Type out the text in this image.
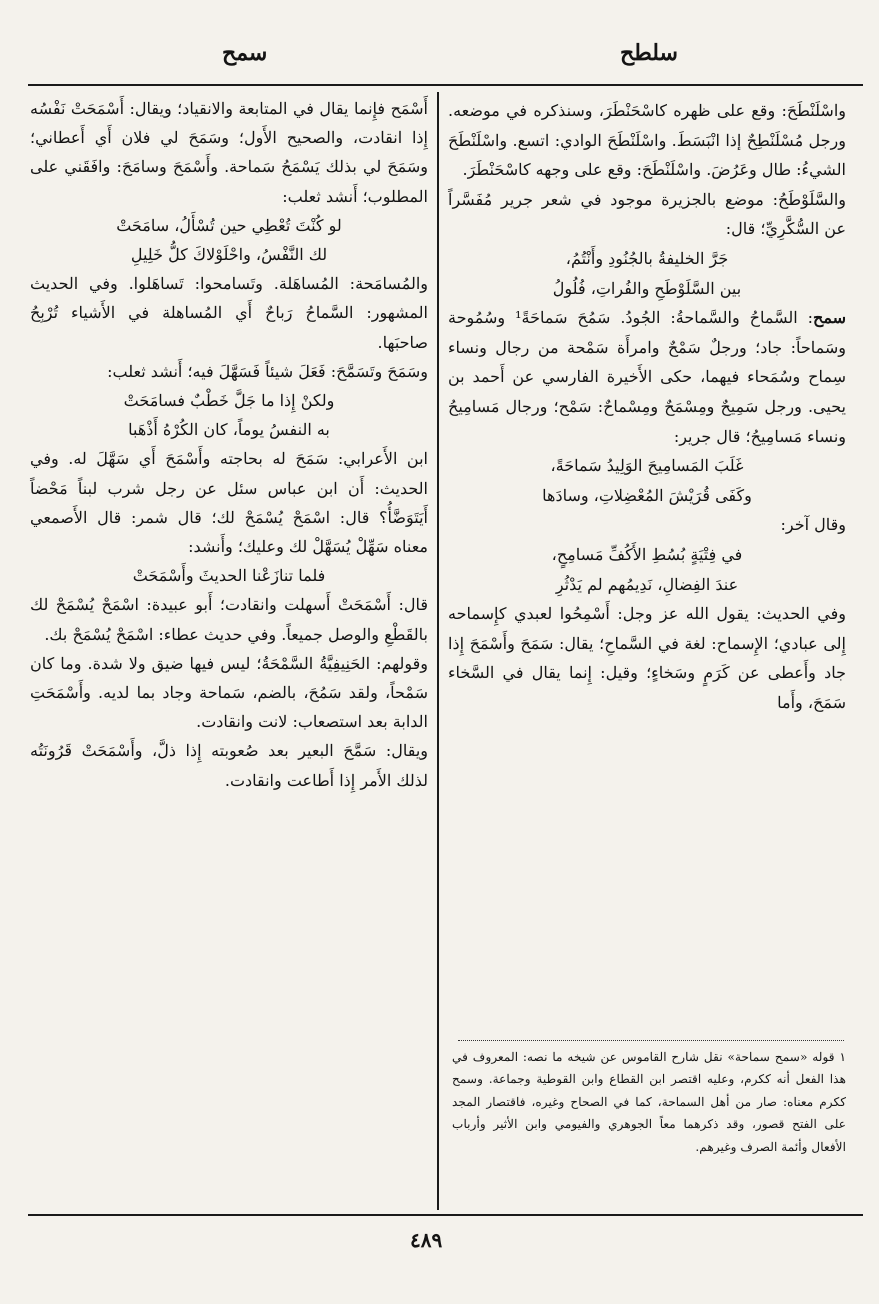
سلطح
سمح

واسْلَنْطَحَ: وقع على ظهره كاسْحَنْطَرَ، وسنذكره في موضعه. ورجل مُسْلَنْطِحٌ إذا انْبَسَطَ. واسْلَنْطَحَ الوادي: اتسع. واسْلَنْطَحَ الشيءُ: طال وعَرُضَ. واسْلَنْطَحَ: وقع على وجهه كاسْحَنْطَرَ.

والسَّلَوْطَحُ: موضع بالجزيرة موجود في شعر جرير مُفَسَّراً عن السُّكَّرِيِّ؛ قال:

جَرَّ الخليفةُ بالجُنُودِ وأَنْتُمُ،

بين السَّلَوْطَحِ والفُراتِ، فُلُولُ

سمح: السَّماحُ والسَّماحةُ: الجُودُ. سَمُحَ سَماحَةً¹ وسُمُوحة وسَماحاً: جاد؛ ورجلٌ سَمْحٌ وامرأَة سَمْحة من رجال ونساء سِماح وسُمَحاء فيهما، حكى الأَخيرة الفارسي عن أَحمد بن يحيى. ورجل سَمِيحٌ ومِسْمَحٌ ومِسْماحٌ: سَمْح؛ ورجال مَسامِيحُ ونساء مَسامِيحُ؛ قال جرير:

غَلَبَ المَسامِيحَ الوَلِيدُ سَماحَةً،

وكَفَى قُرَيْشَ المُعْضِلاتِ، وسادَها

وقال آخر:

في فِتْيَةٍ بُسُطِ الأَكُفِّ مَسامِحٍ،

عندَ الفِضالِ، نَدِيمُهم لم يَدْثُرِ

وفي الحديث: يقول الله عز وجل: أَسْمِحُوا لعبدي كإِسماحه إِلى عبادي؛ الإِسماح: لغة في السَّماحِ؛ يقال: سَمَحَ وأَسْمَحَ إِذا جاد وأَعطى عن كَرَمٍ وسَخاءٍ؛ وقيل: إِنما يقال في السَّخاء سَمَحَ، وأَما

١ قوله «سمح سماحة» نقل شارح القاموس عن شيخه ما نصه: المعروف في هذا الفعل أنه ككرم، وعليه اقتصر ابن القطاع وابن القوطية وجماعة. وسمح ككرم معناه: صار من أهل السماحة، كما في الصحاح وغيره، فاقتصار المجد على الفتح قصور، وقد ذكرهما معاً الجوهري والفيومي وابن الأثير وأرباب الأفعال وأئمة الصرف وغيرهم.

أَسْمَح فإِنما يقال في المتابعة والانقياد؛ ويقال: أَسْمَحَتْ نَفْسُه إِذا انقادت، والصحيح الأَول؛ وسَمَحَ لي فلان أَي أَعطاني؛ وسَمَحَ لي بذلك يَسْمَحُ سَماحة. وأَسْمَحَ وسامَحَ: وافَقَني على المطلوب؛ أَنشد ثعلب:

لو كُنْتَ تُعْطِي حين تُسْأَلُ، سامَحَتْ

لك النَّفْسُ، واحْلَوْلاكَ كلُّ خَلِيلِ

والمُسامَحة: المُساهَلة. وتَسامحوا: تَساهَلوا. وفي الحديث المشهور: السَّماحُ رَباحٌ أَي المُساهلة في الأَشياء تُرْبِحُ صاحبَها.

وسَمَحَ وتَسَمَّحَ: فَعَلَ شيئاً فَسَهَّلَ فيه؛ أَنشد ثعلب:

ولكنْ إِذا ما جَلَّ خَطْبٌ فسامَحَتْ

به النفسُ يوماً، كان الكُرْهُ أَذْهَبا

ابن الأَعرابي: سَمَحَ له بحاجته وأَسْمَحَ أَي سَهَّلَ له. وفي الحديث: أَن ابن عباس سئل عن رجل شرب لبناً مَحْضاً أَيَتَوَضَّأُ؟ قال: اسْمَحْ يُسْمَحْ لك؛ قال شمر: قال الأَصمعي معناه سَهِّلْ يُسَهَّلْ لك وعليك؛ وأَنشد:

فلما تنازَعْنا الحديثَ وأَسْمَحَتْ

قال: أَسْمَحَتْ أَسهلت وانقادت؛ أَبو عبيدة: اسْمَحْ يُسْمَحْ لك بالقَطْعِ والوصل جميعاً. وفي حديث عطاء: اسْمَحْ يُسْمَحْ بك.

وقولهم: الحَنِيفِيَّةُ السَّمْحَةُ؛ ليس فيها ضيق ولا شدة. وما كان سَمْحاً، ولقد سَمُحَ، بالضم، سَماحة وجاد بما لديه. وأَسْمَحَتِ الدابة بعد استصعاب: لانت وانقادت.

ويقال: سَمَّحَ البعير بعد صُعوبته إِذا ذلَّ، وأَسْمَحَتْ قَرُونَتُه لذلك الأَمر إِذا أَطاعت وانقادت.

٤٨٩
